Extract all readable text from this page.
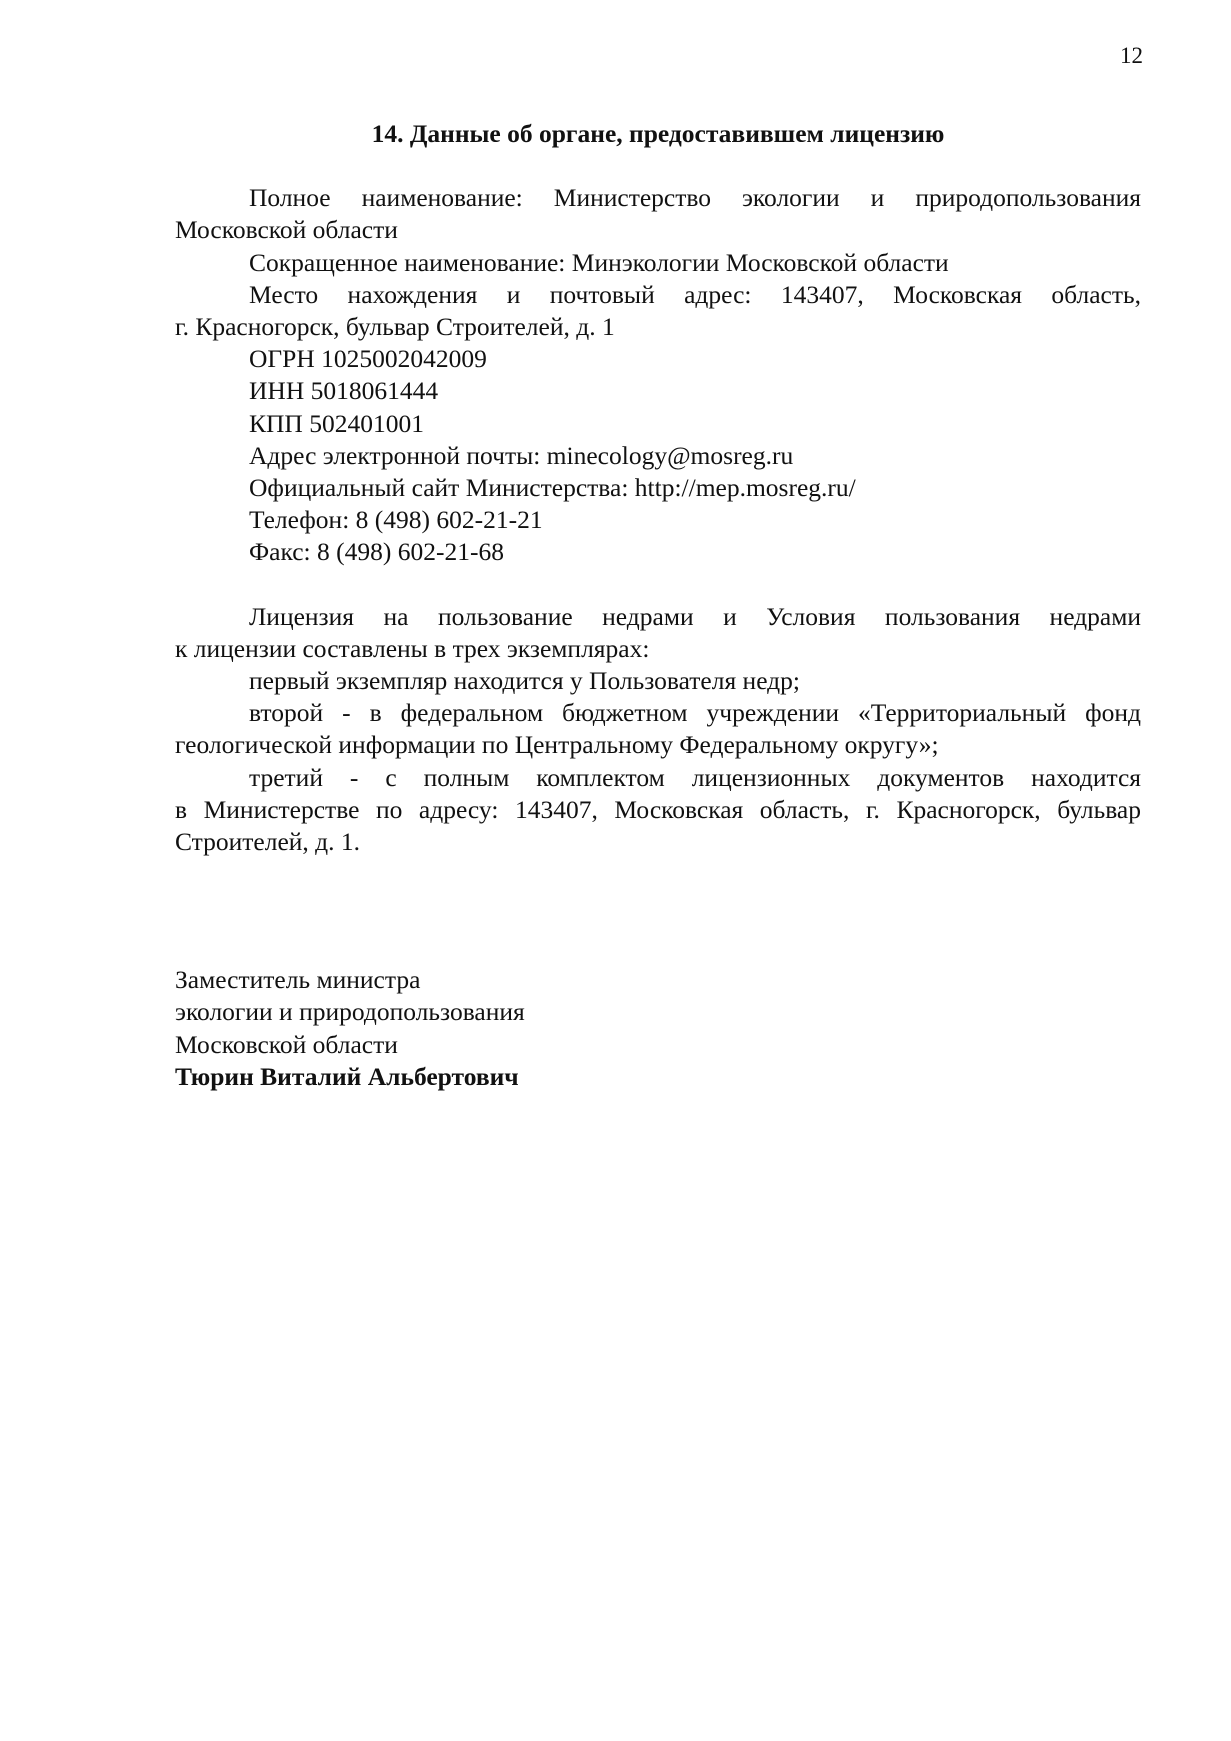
12

14. Данные об органе, предоставившем лицензию

Полное наименование: Министерство экологии и природопользования

Московской области

Сокращенное наименование: Минэкологии Московской области

Место нахождения и почтовый адрес: 143407, Московская область,

г. Красногорск, бульвар Строителей, д. 1

ОГРН 1025002042009

ИНН 5018061444

КПП 502401001

Адрес электронной почты: minecology@mosreg.ru

Официальный сайт Министерства: http://mep.mosreg.ru/

Телефон: 8 (498) 602-21-21

Факс: 8 (498) 602-21-68

Лицензия на пользование недрами и Условия пользования недрами

к лицензии составлены в трех экземплярах:

первый экземпляр находится у Пользователя недр;

второй - в федеральном бюджетном учреждении «Территориальный фонд

геологической информации по Центральному Федеральному округу»;

третий - с полным комплектом лицензионных документов находится

в Министерстве по адресу: 143407, Московская область, г. Красногорск, бульвар

Строителей, д. 1.

Заместитель министра

экологии и природопользования

Московской области

Тюрин Виталий Альбертович
